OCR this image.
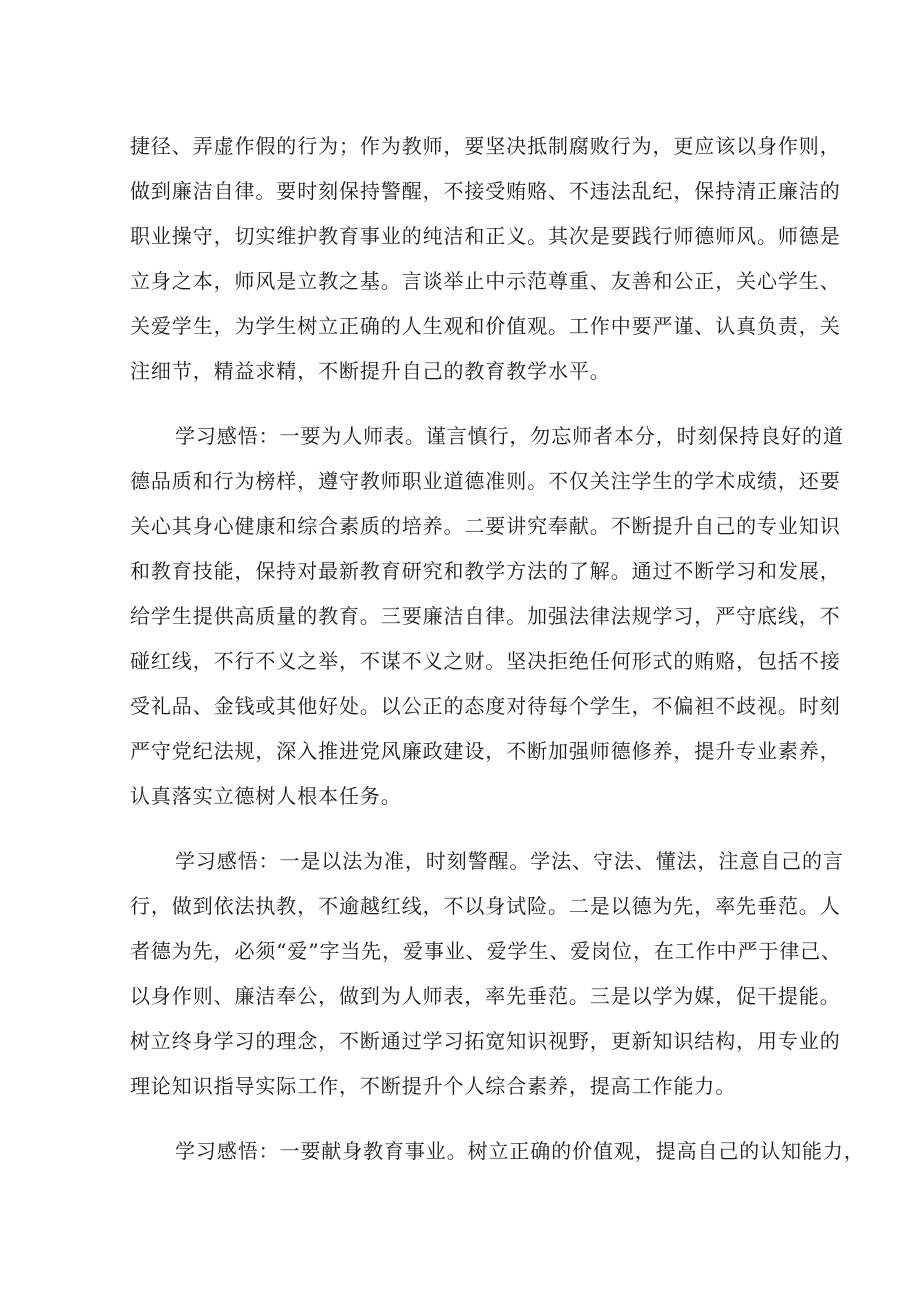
捷径、弄虚作假的行为；作为教师，要坚决抵制腐败行为，更应该以身作则，
做到廉洁自律。要时刻保持警醒，不接受贿赂、不违法乱纪，保持清正廉洁的
职业操守，切实维护教育事业的纯洁和正义。其次是要践行师德师风。师德是
立身之本，师风是立教之基。言谈举止中示范尊重、友善和公正，关心学生、
关爱学生，为学生树立正确的人生观和价值观。工作中要严谨、认真负责，关
注细节，精益求精，不断提升自己的教育教学水平。
学习感悟：一要为人师表。谨言慎行，勿忘师者本分，时刻保持良好的道
德品质和行为榜样，遵守教师职业道德准则。不仅关注学生的学术成绩，还要
关心其身心健康和综合素质的培养。二要讲究奉献。不断提升自己的专业知识
和教育技能，保持对最新教育研究和教学方法的了解。通过不断学习和发展，
给学生提供高质量的教育。三要廉洁自律。加强法律法规学习，严守底线，不
碰红线，不行不义之举，不谋不义之财。坚决拒绝任何形式的贿赂，包括不接
受礼品、金钱或其他好处。以公正的态度对待每个学生，不偏袒不歧视。时刻
严守党纪法规，深入推进党风廉政建设，不断加强师德修养，提升专业素养，
认真落实立德树人根本任务。
学习感悟：一是以法为准，时刻警醒。学法、守法、懂法，注意自己的言
行，做到依法执教，不逾越红线，不以身试险。二是以德为先，率先垂范。人
者德为先，必须“爱”字当先，爱事业、爱学生、爱岗位，在工作中严于律己、
以身作则、廉洁奉公，做到为人师表，率先垂范。三是以学为媒，促干提能。
树立终身学习的理念，不断通过学习拓宽知识视野，更新知识结构，用专业的
理论知识指导实际工作，不断提升个人综合素养，提高工作能力。
学习感悟：一要献身教育事业。树立正确的价值观，提高自己的认知能力，
